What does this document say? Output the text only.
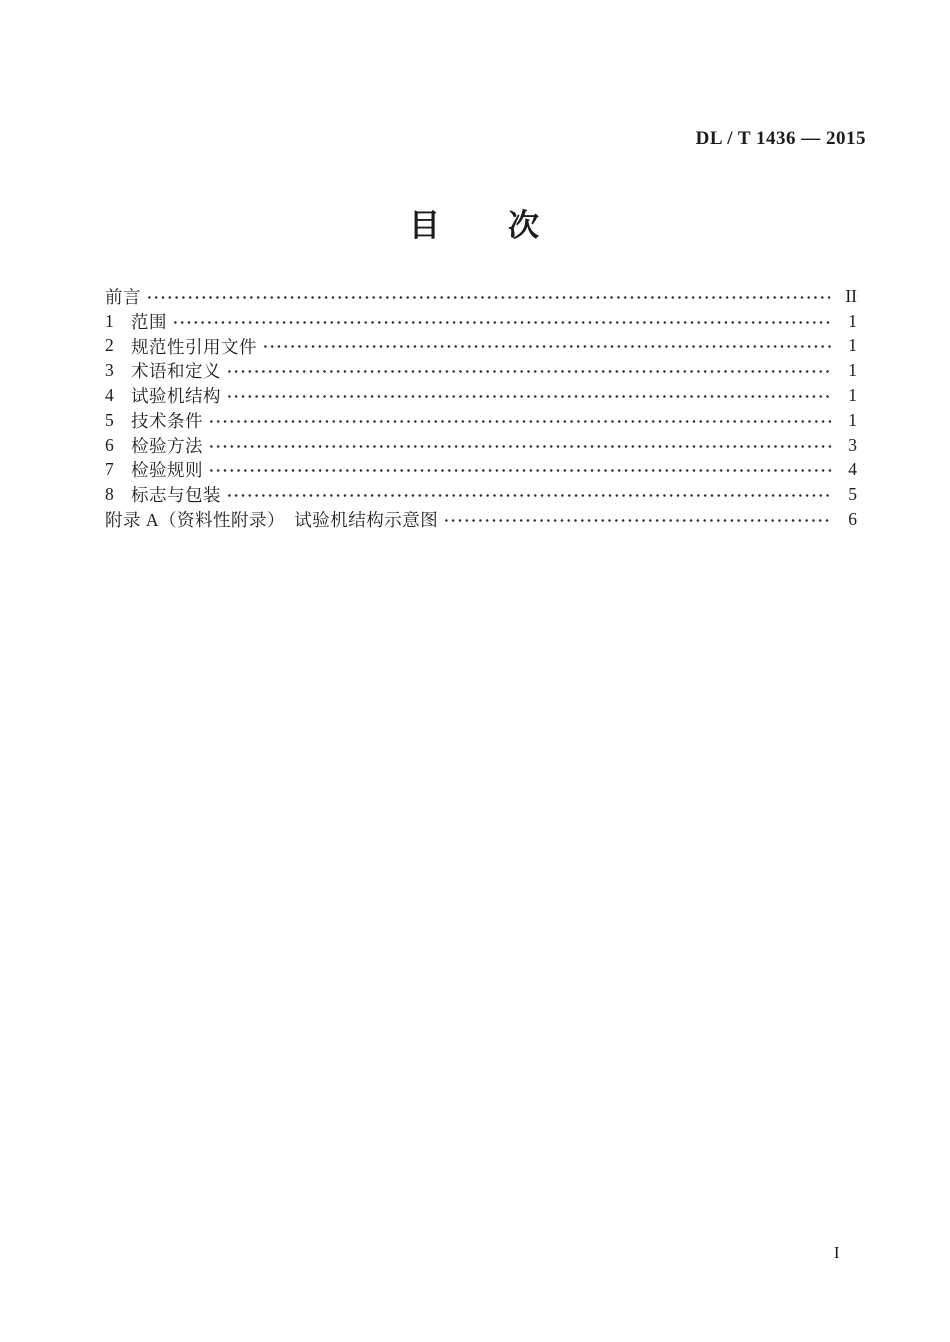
DL / T 1436 — 2015
目　　次
前言	II
1 范围	1
2 规范性引用文件	1
3 术语和定义	1
4 试验机结构	1
5 技术条件	1
6 检验方法	3
7 检验规则	4
8 标志与包装	5
附录 A（资料性附录）　试验机结构示意图	6
I
